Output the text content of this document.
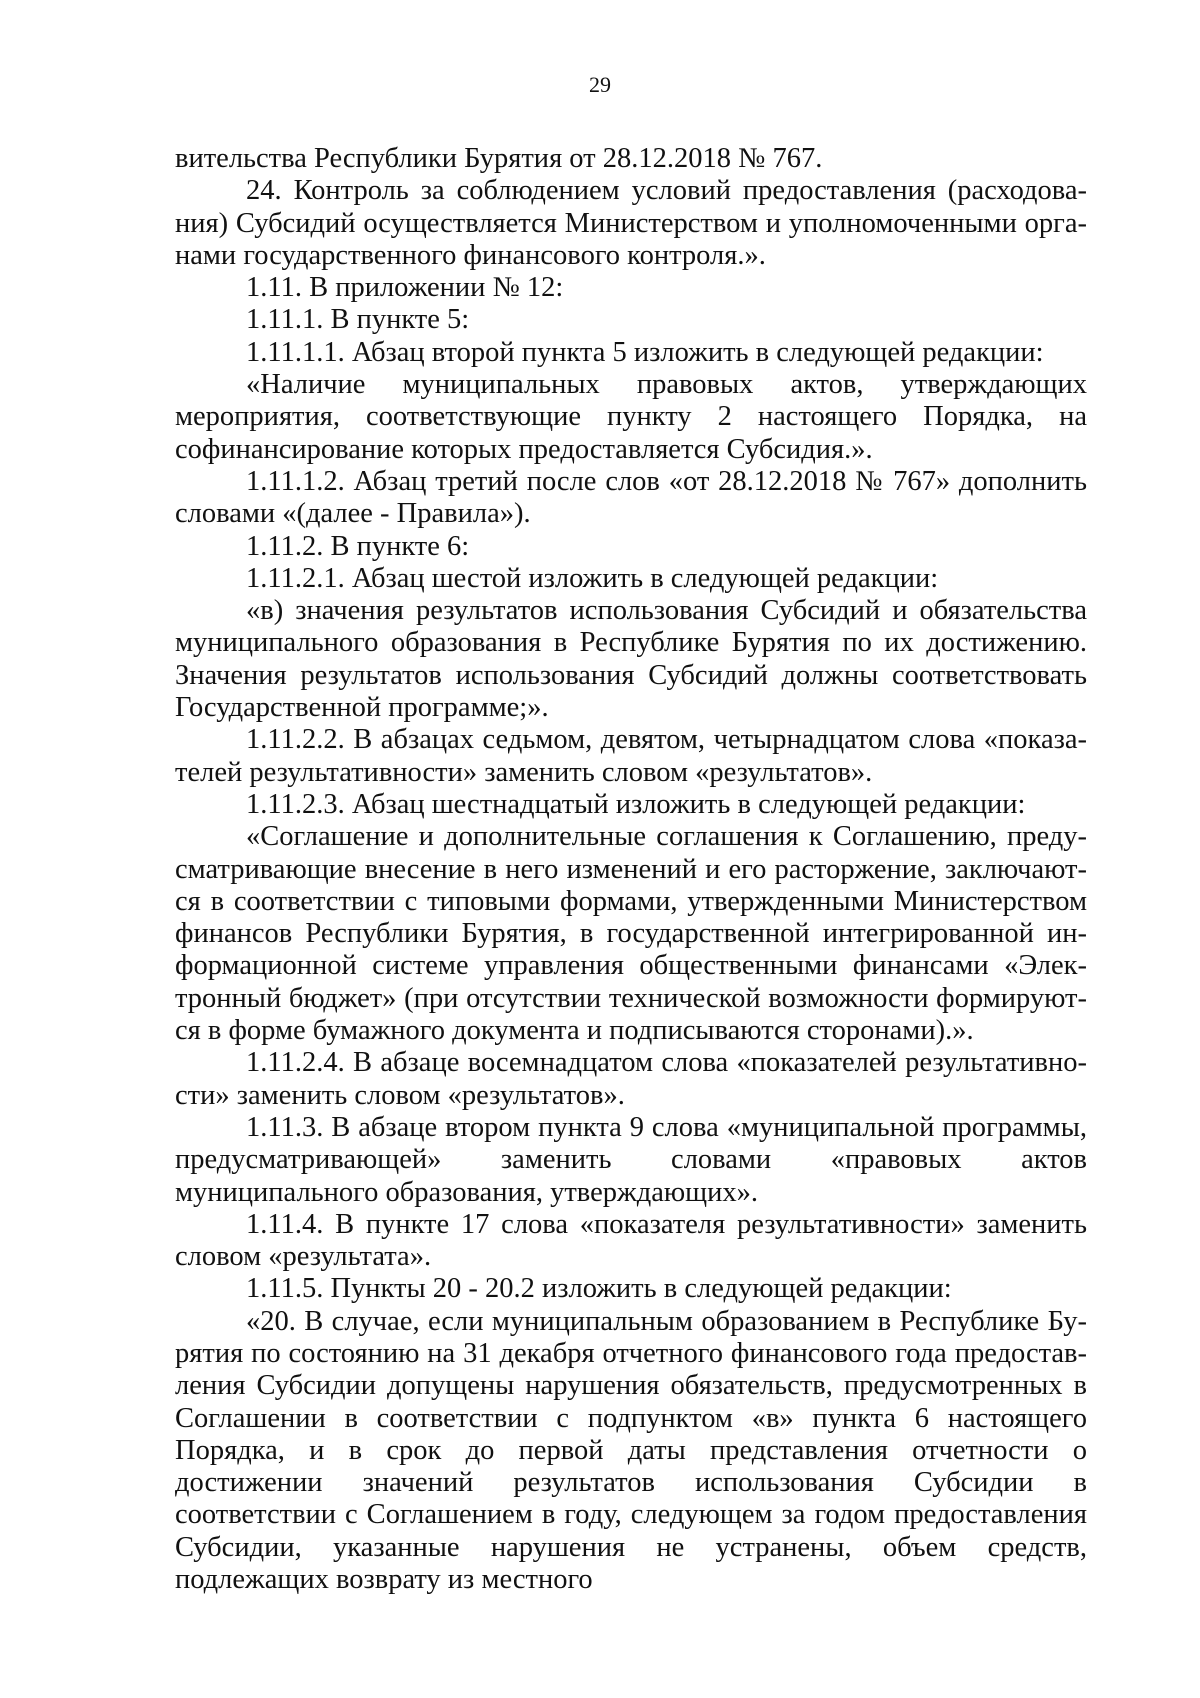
29

вительства Республики Бурятия от 28.12.2018 № 767.

24. Контроль за соблюдением условий предоставления (расходования) Субсидий осуществляется Министерством и уполномоченными органами государственного финансового контроля.».

1.11. В приложении № 12:

1.11.1. В пункте 5:

1.11.1.1. Абзац второй пункта 5 изложить в следующей редакции:

«Наличие муниципальных правовых актов, утверждающих мероприятия, соответствующие пункту 2 настоящего Порядка, на софинансирование которых предоставляется Субсидия.».

1.11.1.2. Абзац третий после слов «от 28.12.2018 № 767» дополнить словами «(далее - Правила»).

1.11.2. В пункте 6:

1.11.2.1. Абзац шестой изложить в следующей редакции:

«в) значения результатов использования Субсидий и обязательства муниципального образования в Республике Бурятия по их достижению. Значения результатов использования Субсидий должны соответствовать Государственной программе;».

1.11.2.2. В абзацах седьмом, девятом, четырнадцатом слова «показателей результативности» заменить словом «результатов».

1.11.2.3. Абзац шестнадцатый изложить в следующей редакции:

«Соглашение и дополнительные соглашения к Соглашению, предусматривающие внесение в него изменений и его расторжение, заключаются в соответствии с типовыми формами, утвержденными Министерством финансов Республики Бурятия, в государственной интегрированной информационной системе управления общественными финансами «Электронный бюджет» (при отсутствии технической возможности формируются в форме бумажного документа и подписываются сторонами).».

1.11.2.4. В абзаце восемнадцатом слова «показателей результативности» заменить словом «результатов».

1.11.3. В абзаце втором пункта 9 слова «муниципальной программы, предусматривающей» заменить словами «правовых актов муниципального образования, утверждающих».

1.11.4. В пункте 17 слова «показателя результативности» заменить словом «результата».

1.11.5. Пункты 20 - 20.2 изложить в следующей редакции:

«20. В случае, если муниципальным образованием в Республике Бурятия по состоянию на 31 декабря отчетного финансового года предоставления Субсидии допущены нарушения обязательств, предусмотренных в Соглашении в соответствии с подпунктом «в» пункта 6 настоящего Порядка, и в срок до первой даты представления отчетности о достижении значений результатов использования Субсидии в соответствии с Соглашением в году, следующем за годом предоставления Субсидии, указанные нарушения не устранены, объем средств, подлежащих возврату из местного
